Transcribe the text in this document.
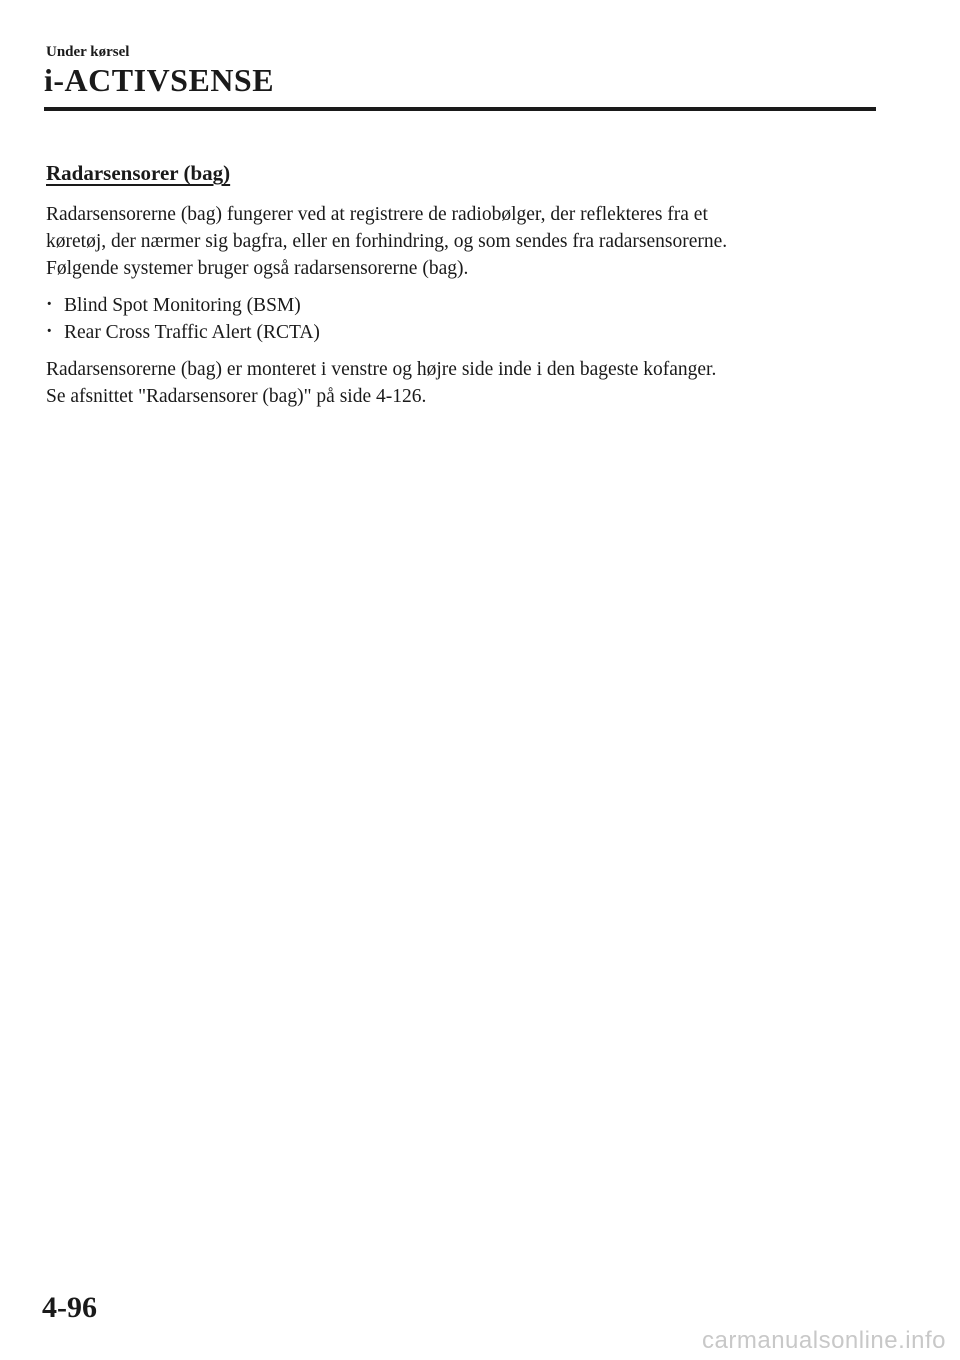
Under kørsel

i-ACTIVSENSE
Radarsensorer (bag)

Radarsensorerne (bag) fungerer ved at registrere de radiobølger, der reflekteres fra et
køretøj, der nærmer sig bagfra, eller en forhindring, og som sendes fra radarsensorerne.
Følgende systemer bruger også radarsensorerne (bag).

· Blind Spot Monitoring (BSM)
· Rear Cross Traffic Alert (RCTA)

Radarsensorerne (bag) er monteret i venstre og højre side inde i den bageste kofanger.
Se afsnittet "Radarsensorer (bag)" på side 4-126.

4-96

carmanualsonline.info
